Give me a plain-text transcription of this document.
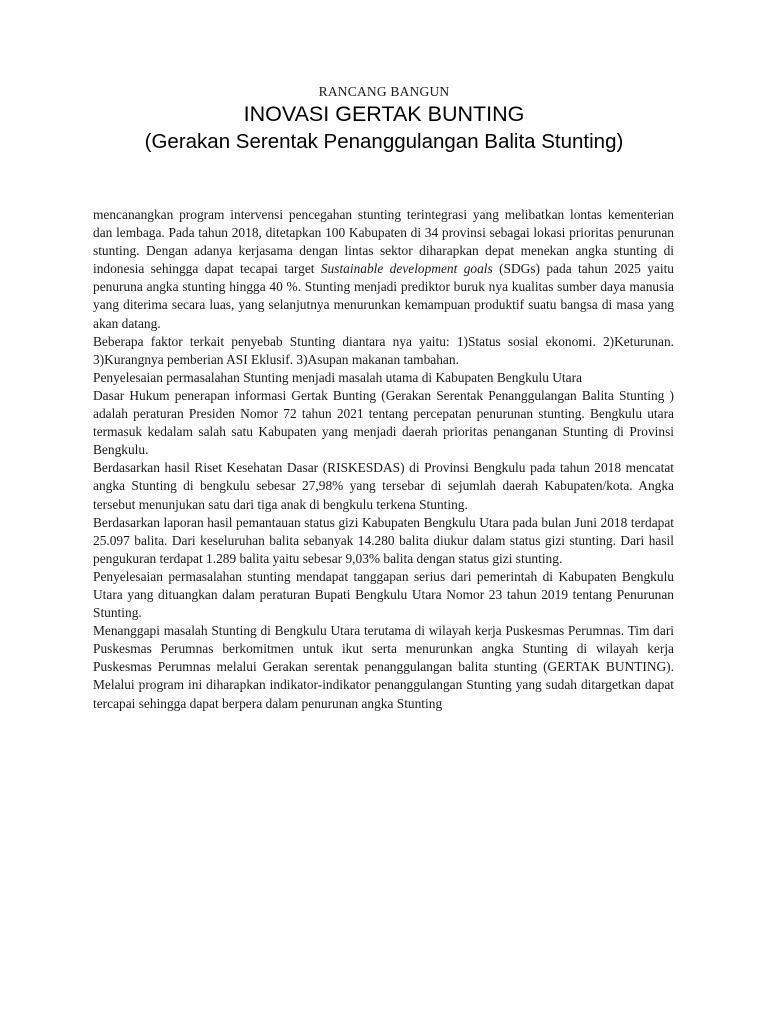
RANCANG BANGUN
INOVASI GERTAK BUNTING
(Gerakan Serentak Penanggulangan Balita Stunting)

mencanangkan program intervensi pencegahan stunting terintegrasi yang melibatkan lontas kementerian dan lembaga. Pada tahun 2018, ditetapkan 100 Kabupaten di 34 provinsi sebagai lokasi prioritas penurunan stunting. Dengan adanya kerjasama dengan lintas sektor diharapkan depat menekan angka stunting di indonesia sehingga dapat tecapai target Sustainable development goals (SDGs) pada tahun 2025 yaitu penuruna angka stunting hingga 40 %. Stunting menjadi prediktor buruk nya kualitas sumber daya manusia yang diterima secara luas, yang selanjutnya menurunkan kemampuan produktif suatu bangsa di masa yang akan datang.

Beberapa faktor terkait penyebab Stunting diantara nya yaitu: 1)Status sosial ekonomi. 2)Keturunan. 3)Kurangnya pemberian ASI Eklusif. 3)Asupan makanan tambahan.

Penyelesaian permasalahan Stunting menjadi masalah utama di Kabupaten Bengkulu Utara

Dasar Hukum penerapan informasi Gertak Bunting (Gerakan Serentak Penanggulangan Balita Stunting ) adalah peraturan Presiden Nomor 72 tahun 2021 tentang percepatan penurunan stunting. Bengkulu utara termasuk kedalam salah satu Kabupaten yang menjadi daerah prioritas penanganan Stunting di Provinsi Bengkulu.

Berdasarkan hasil Riset Kesehatan Dasar (RISKESDAS) di Provinsi Bengkulu pada tahun 2018 mencatat angka Stunting di bengkulu sebesar 27,98% yang tersebar di sejumlah daerah Kabupaten/kota. Angka tersebut menunjukan satu dari tiga anak di bengkulu terkena Stunting.

Berdasarkan laporan hasil pemantauan status gizi Kabupaten Bengkulu Utara pada bulan Juni 2018 terdapat 25.097 balita. Dari keseluruhan balita sebanyak 14.280 balita diukur dalam status gizi stunting. Dari hasil pengukuran terdapat 1.289 balita yaitu sebesar 9,03% balita dengan status gizi stunting.

Penyelesaian permasalahan stunting mendapat tanggapan serius dari pemerintah di Kabupaten Bengkulu Utara yang dituangkan dalam peraturan Bupati Bengkulu Utara Nomor 23 tahun 2019 tentang Penurunan Stunting.

Menanggapi masalah Stunting di Bengkulu Utara terutama di wilayah kerja Puskesmas Perumnas. Tim dari Puskesmas Perumnas berkomitmen untuk ikut serta menurunkan angka Stunting di wilayah kerja Puskesmas Perumnas melalui Gerakan serentak penanggulangan balita stunting (GERTAK BUNTING). Melalui program ini diharapkan indikator-indikator penanggulangan Stunting yang sudah ditargetkan dapat tercapai sehingga dapat berpera dalam penurunan angka Stunting
